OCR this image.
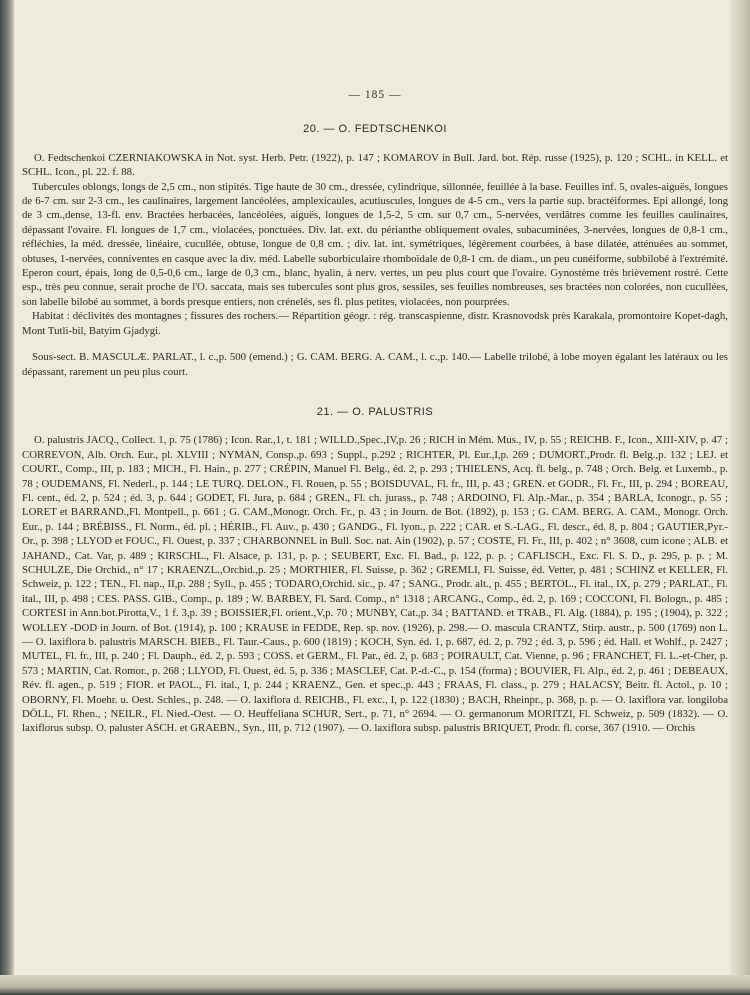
— 185 —
20. — O. FEDTSCHENKOI

O. Fedtschenkoi CZERNIAKOWSKA in Not. syst. Herb. Petr. (1922), p. 147 ; KOMAROV in Bull. Jard. bot. Rép. russe (1925), p. 120 ; SCHL. in KELL. et SCHL. Icon., pl. 22. f. 88.

Tubercules oblongs, longs de 2,5 cm., non stipités. Tige haute de 30 cm., dressée, cylindrique, sillonnée, feuillée à la base. Feuilles inf. 5, ovales-aiguës, longues de 6-7 cm. sur 2-3 cm., les caulinaires, largement lancéolées, amplexicaules, acutiuscules, longues de 4-5 cm., vers la partie sup. bractéiformes. Epi allongé, long de 3 cm.,dense, 13-fl. env. Bractées herbacées, lancéolées, aiguës, longues de 1,5-2, 5 cm. sur 0,7 cm., 5-nervées, verdâtres comme les feuilles caulinaires, dépassant l'ovaire. Fl. longues de 1,7 cm., violacées, ponctuées. Div. lat. ext. du périanthe obliquement ovales, subacuminées, 3-nervées, longues de 0,8-1 cm., réfléchies, la méd. dressée, linéaire, cucullée, obtuse, longue de 0,8 cm. ; div. lat. int. symétriques, légèrement courbées, à base dilatée, atténuées au sommet, obtuses, 1-nervées, conniventes en casque avec la div. méd. Labelle suborbiculaire rhomboïdale de 0,8-1 cm. de diam., un peu cunéiforme, subbilobé à l'extrémité. Eperon court, épais, long de 0,5-0,6 cm., large de 0,3 cm., blanc, hyalin, à nerv. vertes, un peu plus court que l'ovaire. Gynostème très brièvement rostré. Cette esp., très peu connue, serait proche de l'O. saccata, mais ses tubercules sont plus gros, sessiles, ses feuilles nombreuses, ses bractées non colorées, non cucullées, son labelle bilobé au sommet, à bords presque entiers, non crénelés, ses fl. plus petites, violacées, non pourprées.

Habitat : déclivités des montagnes ; fissures des rochers.— Répartition géogr. : rég. transcaspienne, distr. Krasnovodsk près Karakala, promontoire Kopet-dagh, Mont Tutli-bil, Batyim Gjadygi.

Sous-sect. B. MASCULÆ. PARLAT., l. c.,p. 500 (emend.) ; G. CAM. BERG. A. CAM., l. c.,p. 140.— Labelle trilobé, à lobe moyen égalant les latéraux ou les dépassant, rarement un peu plus court.

21. — O. PALUSTRIS

O. palustris JACQ., Collect. 1, p. 75 (1786) ; Icon. Rar.,1, t. 181 ; WILLD.,Spec.,IV,p. 26 ; RICH in Mém. Mus., IV, p. 55 ; REICHB. F., Icon., XIII-XIV, p. 47 ; CORREVON, Alb. Orch. Eur., pl. XLVIII ; NYMAN, Consp.,p. 693 ; Suppl., p.292 ; RICHTER, Pl. Eur.,I,p. 269 ; DUMORT.,Prodr. fl. Belg.,p. 132 ; LEJ. et COURT., Comp., III, p. 183 ; MICH., Fl. Hain., p. 277 ; CRÉPIN, Manuel Fl. Belg., éd. 2, p. 293 ; THIELENS, Acq. fl. belg., p. 748 ; Orch. Belg. et Luxemb., p. 78 ; OUDEMANS, Fl. Nederl., p. 144 ; LE TURQ. DELON., Fl. Rouen, p. 55 ; BOISDUVAL, Fl. fr., III, p. 43 ; GREN. et GODR., Fl. Fr., III, p. 294 ; BOREAU, Fl. cent., éd. 2, p. 524 ; éd. 3, p. 644 ; GODET, Fl. Jura, p. 684 ; GREN., Fl. ch. jurass., p. 748 ; ARDOINO, Fl. Alp.-Mar., p. 354 ; BARLA, Iconogr., p. 55 ; LORET et BARRAND.,Fl. Montpell., p. 661 ; G. CAM.,Monogr. Orch. Fr., p. 43 ; in Journ. de Bot. (1892), p. 153 ; G. CAM. BERG. A. CAM., Monogr. Orch. Eur., p. 144 ; BRÉBISS., Fl. Norm., éd. pl. ; HÉRIB., Fl. Auv., p. 430 ; GANDG., Fl. lyon., p. 222 ; CAR. et S.-LAG., Fl. descr., éd. 8, p. 804 ; GAUTIER,Pyr.-Or., p. 398 ; LLYOD et FOUC., Fl. Ouest, p. 337 ; CHARBONNEL in Bull. Soc. nat. Ain (1902), p. 57 ; COSTE, Fl. Fr., III, p. 402 ; n° 3608, cum icone ; ALB. et JAHAND., Cat. Var, p. 489 ; KIRSCHL., Fl. Alsace, p. 131, p. p. ; SEUBERT, Exc. Fl. Bad., p. 122, p. p. ; CAFLISCH., Exc. Fl. S. D., p. 295, p. p. ; M. SCHULZE, Die Orchid., n° 17 ; KRAENZL.,Orchid.,p. 25 ; MORTHIER, Fl. Suisse, p. 362 ; GREMLI, Fl. Suisse, éd. Vetter, p. 481 ; SCHINZ et KELLER, Fl. Schweiz, p. 122 ; TEN., Fl. nap., II,p. 288 ; Syll., p. 455 ; TODARO,Orchid. sic., p. 47 ; SANG., Prodr. alt., p. 455 ; BERTOL., Fl. ital., IX, p. 279 ; PARLAT., Fl. ital., III, p. 498 ; CES. PASS. GIB., Comp., p. 189 ; W. BARBEY, Fl. Sard. Comp., n° 1318 ; ARCANG., Comp., éd. 2, p. 169 ; COCCONI, Fl. Bologn., p. 485 ; CORTESI in Ann.bot.Pirotta,V., 1 f. 3,p. 39 ; BOISSIER,Fl. orient.,V,p. 70 ; MUNBY, Cat.,p. 34 ; BATTAND. et TRAB., Fl. Alg. (1884), p. 195 ; (1904), p. 322 ; WOLLEY -DOD in Journ. of Bot. (1914), p. 100 ; KRAUSE in FEDDE, Rep. sp. nov. (1926), p. 298.— O. mascula CRANTZ, Stirp. austr., p. 500 (1769) non L. — O. laxiflora b. palustris MARSCH. BIEB., Fl. Taur.-Caus., p. 600 (1819) ; KOCH, Syn. éd. 1, p. 687, éd. 2, p. 792 ; éd. 3, p. 596 ; éd. Hall. et Wohlf., p. 2427 ; MUTEL, Fl. fr., III, p. 240 ; Fl. Dauph., éd. 2, p. 593 ; COSS. et GERM., Fl. Par., éd. 2, p. 683 ; POIRAULT, Cat. Vienne, p. 96 ; FRANCHET, Fl. L.-et-Cher, p. 573 ; MARTIN, Cat. Romor., p. 268 ; LLYOD, Fl. Ouest, éd. 5, p. 336 ; MASCLEF, Cat. P.-d.-C., p. 154 (forma) ; BOUVIER, Fl. Alp., éd. 2, p. 461 ; DEBEAUX, Rév. fl. agen., p. 519 ; FIOR. et PAOL., Fl. ital., I, p. 244 ; KRAENZ., Gen. et spec.,p. 443 ; FRAAS, Fl. class., p. 279 ; HALACSY, Beitr. fl. Actol., p. 10 ; OBORNY, Fl. Moehr. u. Oest. Schles., p. 248. — O. laxiflora d. REICHB., Fl. exc., I, p. 122 (1830) ; BACH, Rheinpr., p. 368, p. p. — O. laxiflora var. longiloba DÖLL, Fl. Rhen., ; NEILR., Fl. Nied.-Oest. — O. Heuffeliana SCHUR, Sert., p. 71, n° 2694. — O. germanorum MORITZI, Fl. Schweiz, p. 509 (1832). — O. laxiflorus subsp. O. paluster ASCH. et GRAEBN., Syn., III, p. 712 (1907). — O. laxiflora subsp. palustris BRIQUET, Prodr. fl. corse, 367 (1910. — Orchis
